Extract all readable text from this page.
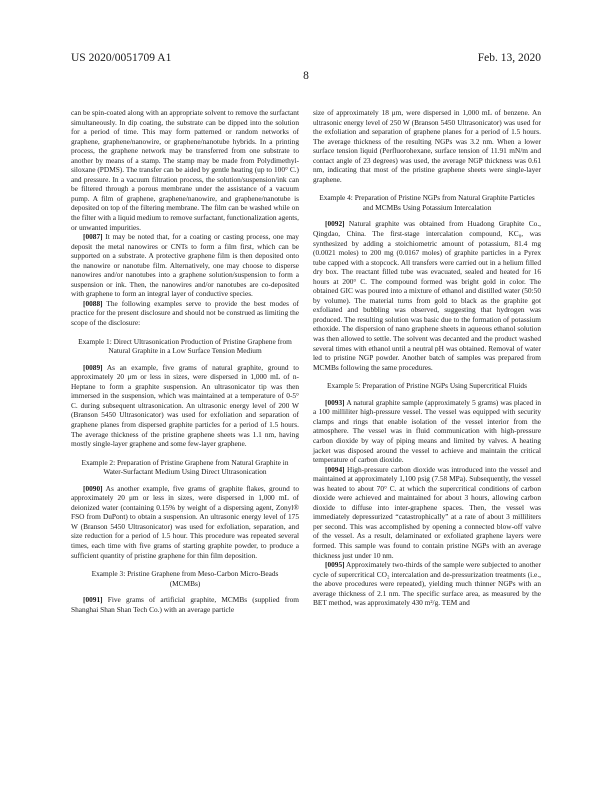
US 2020/0051709 A1	Feb. 13, 2020
8

can be spin-coated along with an appropriate solvent to remove the surfactant simultaneously. In dip coating, the substrate can be dipped into the solution for a period of time. This may form patterned or random networks of graphene, graphene/nanowire, or graphene/nanotube hybrids. In a printing process, the graphene network may be transferred from one substrate to another by means of a stamp. The stamp may be made from Polydimethyl-siloxane (PDMS). The transfer can be aided by gentle heating (up to 100° C.) and pressure. In a vacuum filtration process, the solution/suspension/ink can be filtered through a porous membrane under the assistance of a vacuum pump. A film of graphene, graphene/nanowire, and graphene/nanotube is deposited on top of the filtering membrane. The film can be washed while on the filter with a liquid medium to remove surfactant, functionalization agents, or unwanted impurities.

[0087] It may be noted that, for a coating or casting process, one may deposit the metal nanowires or CNTs to form a film first, which can be supported on a substrate. A protective graphene film is then deposited onto the nanowire or nanotube film. Alternatively, one may choose to disperse nanowires and/or nanotubes into a graphene solution/suspension to form a suspension or ink. Then, the nanowires and/or nanotubes are co-deposited with graphene to form an integral layer of conductive species.

[0088] The following examples serve to provide the best modes of practice for the present disclosure and should not be construed as limiting the scope of the disclosure:

Example 1: Direct Ultrasonication Production of Pristine Graphene from Natural Graphite in a Low Surface Tension Medium

[0089] As an example, five grams of natural graphite, ground to approximately 20 μm or less in sizes, were dispersed in 1,000 mL of n-Heptane to form a graphite suspension. An ultrasonicator tip was then immersed in the suspension, which was maintained at a temperature of 0-5° C. during subsequent ultrasonication. An ultrasonic energy level of 200 W (Branson 5450 Ultrasonicator) was used for exfoliation and separation of graphene planes from dispersed graphite particles for a period of 1.5 hours. The average thickness of the pristine graphene sheets was 1.1 nm, having mostly single-layer graphene and some few-layer graphene.

Example 2: Preparation of Pristine Graphene from Natural Graphite in Water-Surfactant Medium Using Direct Ultrasonication

[0090] As another example, five grams of graphite flakes, ground to approximately 20 μm or less in sizes, were dispersed in 1,000 mL of deionized water (containing 0.15% by weight of a dispersing agent, Zonyl® FSO from DuPont) to obtain a suspension. An ultrasonic energy level of 175 W (Branson 5450 Ultrasonicator) was used for exfoliation, separation, and size reduction for a period of 1.5 hour. This procedure was repeated several times, each time with five grams of starting graphite powder, to produce a sufficient quantity of pristine graphene for thin film deposition.

Example 3: Pristine Graphene from Meso-Carbon Micro-Beads (MCMBs)

[0091] Five grams of artificial graphite, MCMBs (supplied from Shanghai Shan Shan Tech Co.) with an average particle

size of approximately 18 μm, were dispersed in 1,000 mL of benzene. An ultrasonic energy level of 250 W (Branson 5450 Ultrasonicator) was used for the exfoliation and separation of graphene planes for a period of 1.5 hours. The average thickness of the resulting NGPs was 3.2 nm. When a lower surface tension liquid (Perfluorohexane, surface tension of 11.91 mN/m and contact angle of 23 degrees) was used, the average NGP thickness was 0.61 nm, indicating that most of the pristine graphene sheets were single-layer graphene.

Example 4: Preparation of Pristine NGPs from Natural Graphite Particles and MCMBs Using Potassium Intercalation

[0092] Natural graphite was obtained from Huadong Graphite Co., Qingdao, China. The first-stage intercalation compound, KC₈, was synthesized by adding a stoichiometric amount of potassium, 81.4 mg (0.0021 moles) to 200 mg (0.0167 moles) of graphite particles in a Pyrex tube capped with a stopcock. All transfers were carried out in a helium filled dry box. The reactant filled tube was evacuated, sealed and heated for 16 hours at 200° C. The compound formed was bright gold in color. The obtained GIC was poured into a mixture of ethanol and distilled water (50:50 by volume). The material turns from gold to black as the graphite got exfoliated and bubbling was observed, suggesting that hydrogen was produced. The resulting solution was basic due to the formation of potassium ethoxide. The dispersion of nano graphene sheets in aqueous ethanol solution was then allowed to settle. The solvent was decanted and the product washed several times with ethanol until a neutral pH was obtained. Removal of water led to pristine NGP powder. Another batch of samples was prepared from MCMBs following the same procedures.

Example 5: Preparation of Pristine NGPs Using Supercritical Fluids

[0093] A natural graphite sample (approximately 5 grams) was placed in a 100 milliliter high-pressure vessel. The vessel was equipped with security clamps and rings that enable isolation of the vessel interior from the atmosphere. The vessel was in fluid communication with high-pressure carbon dioxide by way of piping means and limited by valves. A heating jacket was disposed around the vessel to achieve and maintain the critical temperature of carbon dioxide.

[0094] High-pressure carbon dioxide was introduced into the vessel and maintained at approximately 1,100 psig (7.58 MPa). Subsequently, the vessel was heated to about 70° C. at which the supercritical conditions of carbon dioxide were achieved and maintained for about 3 hours, allowing carbon dioxide to diffuse into inter-graphene spaces. Then, the vessel was immediately depressurized “catastrophically” at a rate of about 3 milliliters per second. This was accomplished by opening a connected blow-off valve of the vessel. As a result, delaminated or exfoliated graphene layers were formed. This sample was found to contain pristine NGPs with an average thickness just under 10 nm.

[0095] Approximately two-thirds of the sample were subjected to another cycle of supercritical CO₂ intercalation and de-pressurization treatments (i.e., the above procedures were repeated), yielding much thinner NGPs with an average thickness of 2.1 nm. The specific surface area, as measured by the BET method, was approximately 430 m²/g. TEM and
